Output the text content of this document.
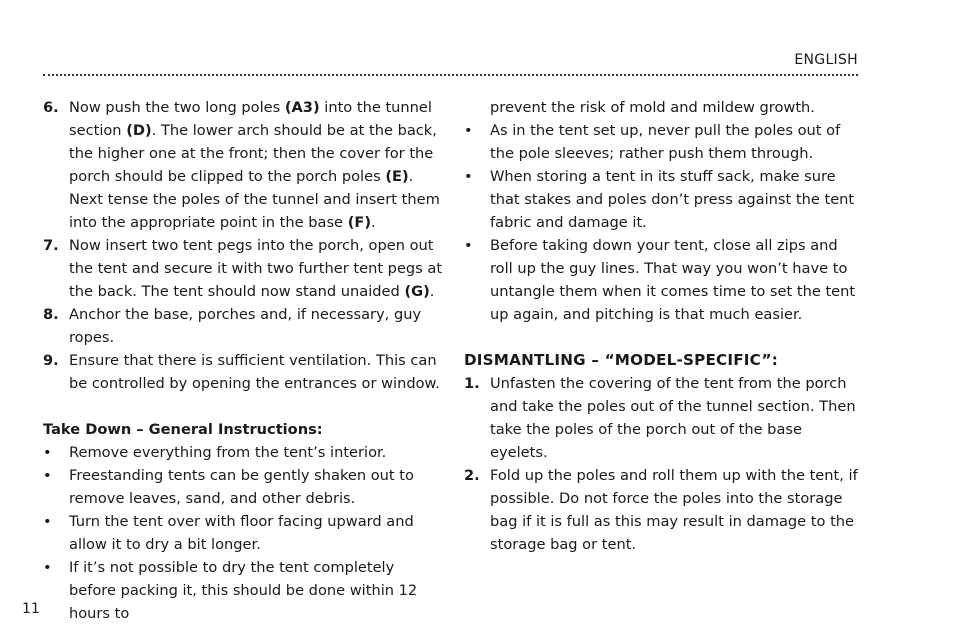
ENGLISH
6. Now push the two long poles (A3) into the tunnel section (D). The lower arch should be at the back, the higher one at the front; then the cover for the porch should be clipped to the porch poles (E). Next tense the poles of the tunnel and insert them into the appropriate point in the base (F).
7. Now insert two tent pegs into the porch, open out the tent and secure it with two further tent pegs at the back. The tent should now stand unaided (G).
8. Anchor the base, porches and, if necessary, guy ropes.
9. Ensure that there is sufficient ventilation. This can be controlled by opening the entrances or window.
Take Down – General Instructions:
•	Remove everything from the tent’s interior.
•	Freestanding tents can be gently shaken out to remove leaves, sand, and other debris.
•	Turn the tent over with floor facing upward and allow it to dry a bit longer.
•	If it’s not possible to dry the tent completely before packing it, this should be done within 12 hours to
prevent the risk of mold and mildew growth.
•	As in the tent set up, never pull the poles out of the pole sleeves; rather push them through.
•	When storing a tent in its stuff sack, make sure that stakes and poles don’t press against the tent fabric and damage it.
•	Before taking down your tent, close all zips and roll up the guy lines. That way you won’t have to untangle them when it comes time to set the tent up again, and pitching is that much easier.
DISMANTLING – “MODEL-SPECIFIC”:
1. Unfasten the covering of the tent from the porch and take the poles out of the tunnel section. Then take the poles of the porch out of the base eyelets.
2. Fold up the poles and roll them up with the tent, if possible. Do not force the poles into the storage bag if it is full as this may result in damage to the storage bag or tent.
11
